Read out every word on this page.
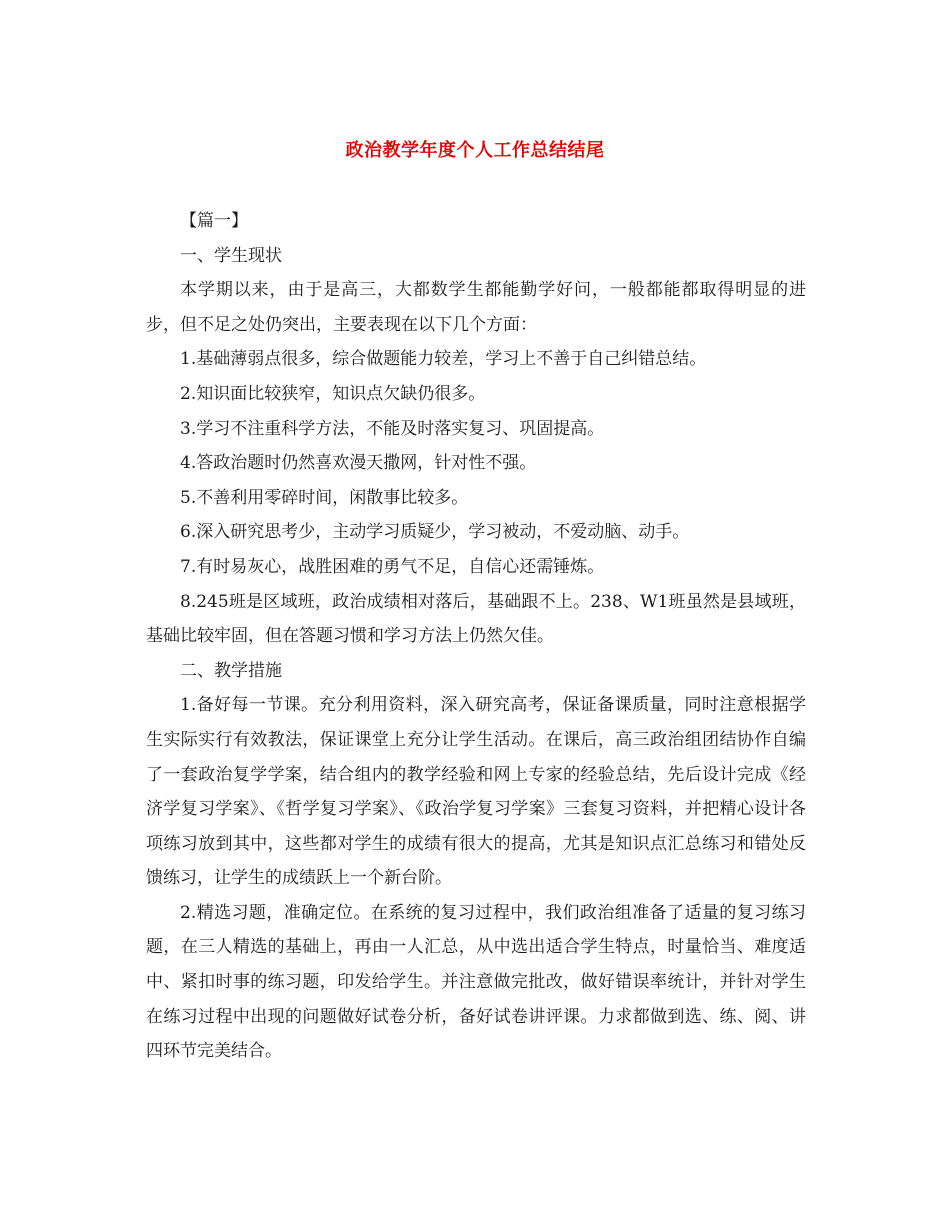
政治教学年度个人工作总结结尾

【篇一】

一、学生现状

本学期以来，由于是高三，大都数学生都能勤学好问，一般都能都取得明显的进步，但不足之处仍突出，主要表现在以下几个方面：

1.基础薄弱点很多，综合做题能力较差，学习上不善于自己纠错总结。

2.知识面比较狭窄，知识点欠缺仍很多。

3.学习不注重科学方法，不能及时落实复习、巩固提高。

4.答政治题时仍然喜欢漫天撒网，针对性不强。

5.不善利用零碎时间，闲散事比较多。

6.深入研究思考少，主动学习质疑少，学习被动，不爱动脑、动手。

7.有时易灰心，战胜困难的勇气不足，自信心还需锤炼。

8.245班是区域班，政治成绩相对落后，基础跟不上。238、W1班虽然是县域班，基础比较牢固，但在答题习惯和学习方法上仍然欠佳。

二、教学措施

1.备好每一节课。充分利用资料，深入研究高考，保证备课质量，同时注意根据学生实际实行有效教法，保证课堂上充分让学生活动。在课后，高三政治组团结协作自编了一套政治复学学案，结合组内的教学经验和网上专家的经验总结，先后设计完成《经济学复习学案》、《哲学复习学案》、《政治学复习学案》三套复习资料，并把精心设计各项练习放到其中，这些都对学生的成绩有很大的提高，尤其是知识点汇总练习和错处反馈练习，让学生的成绩跃上一个新台阶。

2.精选习题，准确定位。在系统的复习过程中，我们政治组准备了适量的复习练习题，在三人精选的基础上，再由一人汇总，从中选出适合学生特点，时量恰当、难度适中、紧扣时事的练习题，印发给学生。并注意做完批改，做好错误率统计，并针对学生在练习过程中出现的问题做好试卷分析，备好试卷讲评课。力求都做到选、练、阅、讲四环节完美结合。
